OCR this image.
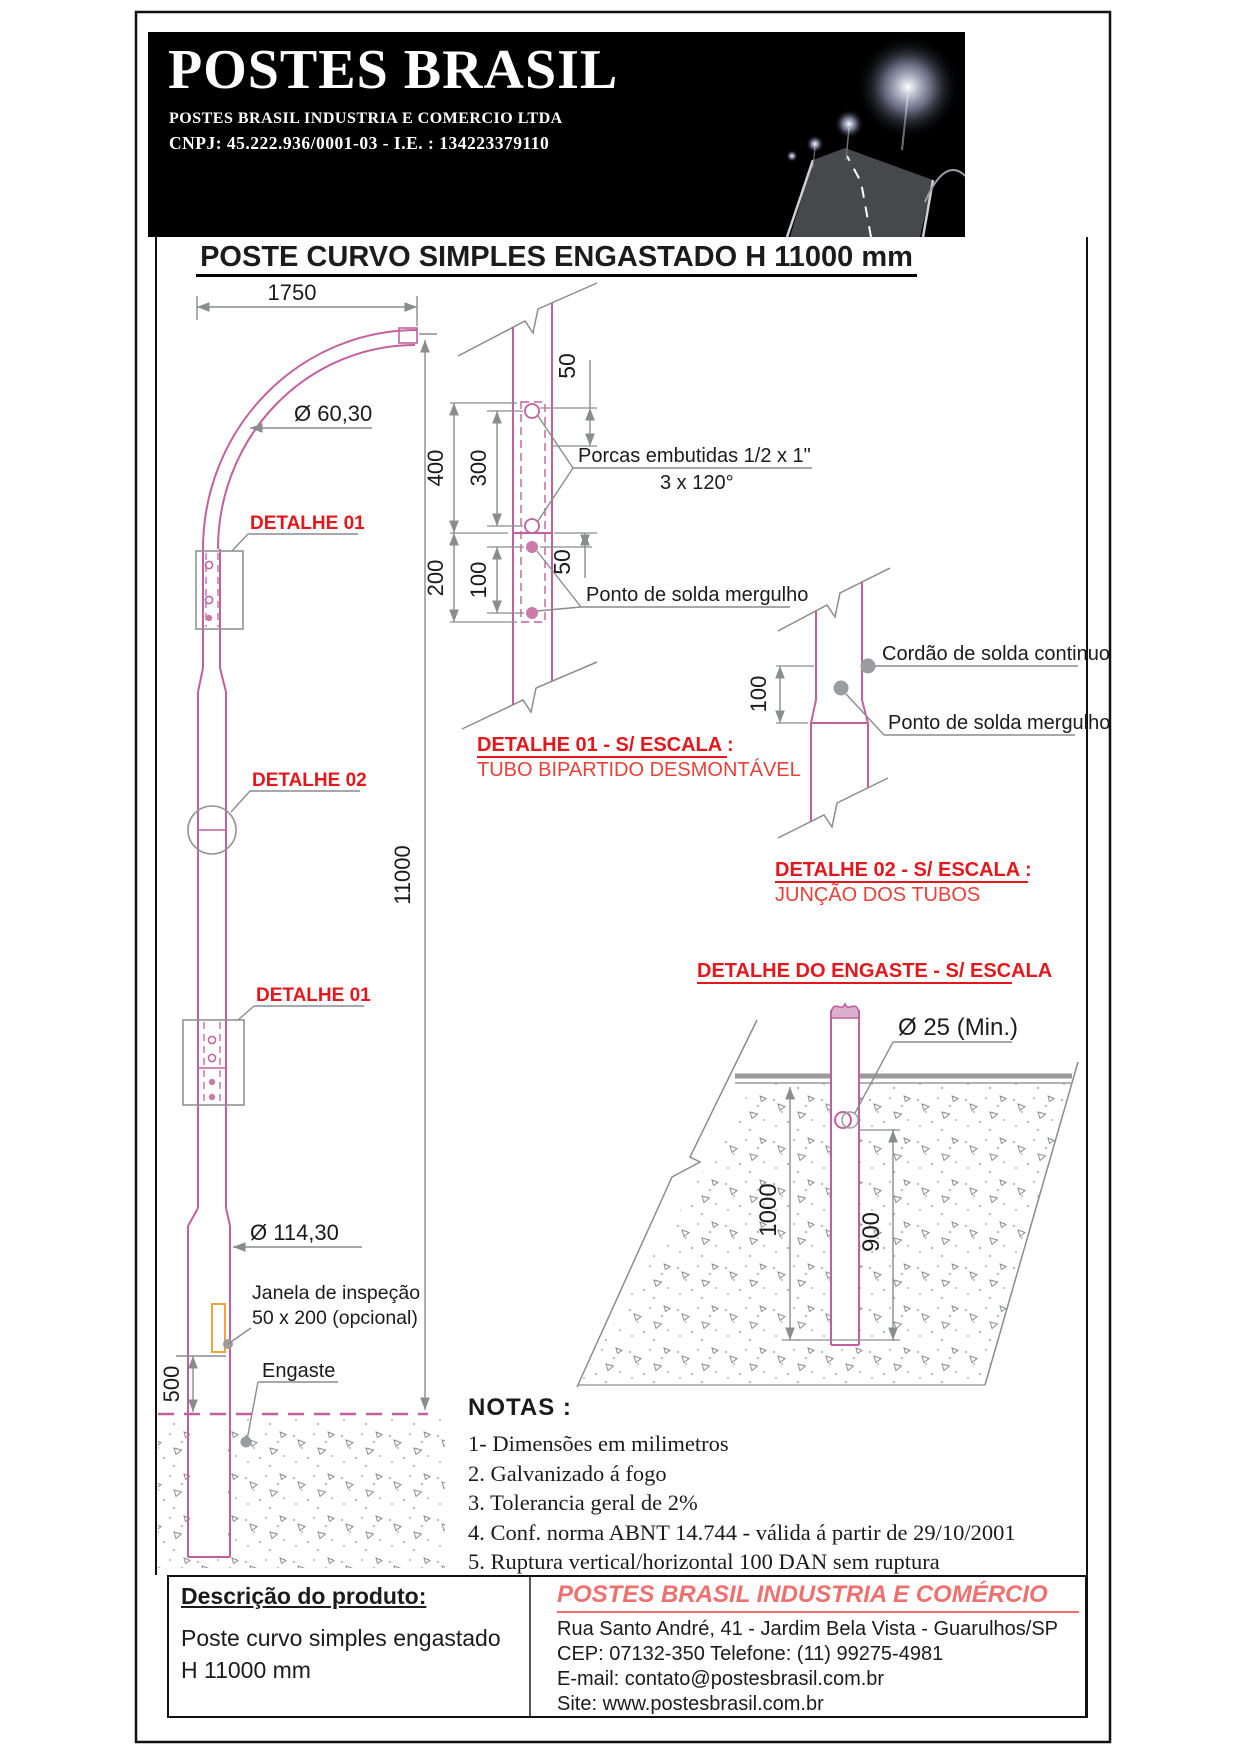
1750
DETALHE 01
DETALHE 02
DETALHE 01
Ø 60,30
Ø 114,30
11000
500
Janela de inspeção
50 x 200 (opcional)
Engaste
400 300
200 100
50
50
Porcas embutidas 1/2 x 1"
3 x 120°
Ponto de solda mergulho
DETALHE 01 - S/ ESCALA :
TUBO BIPARTIDO DESMONTÁVEL
100
Cordão de solda continuo
Ponto de solda mergulho
DETALHE 02 - S/ ESCALA :
JUNÇÃO DOS TUBOS
DETALHE DO ENGASTE - S/ ESCALA
Ø 25 (Min.)
1000	900
POSTES BRASIL
POSTES BRASIL INDUSTRIA E COMERCIO LTDA
CNPJ: 45.222.936/0001-03 - I.E. : 134223379110
POSTE CURVO SIMPLES ENGASTADO H 11000 mm
NOTAS :
1- Dimensões em milimetros
2. Galvanizado á fogo
3. Tolerancia geral de 2%
4. Conf. norma ABNT 14.744 - válida á partir de 29/10/2001
5. Ruptura vertical/horizontal 100 DAN sem ruptura
Descrição do produto:
Poste curvo simples engastado
H 11000 mm
POSTES BRASIL INDUSTRIA E COMÉRCIO
Rua Santo André, 41 - Jardim Bela Vista - Guarulhos/SP
CEP: 07132-350 Telefone: (11) 99275-4981
E-mail: contato@postesbrasil.com.br
Site: www.postesbrasil.com.br
